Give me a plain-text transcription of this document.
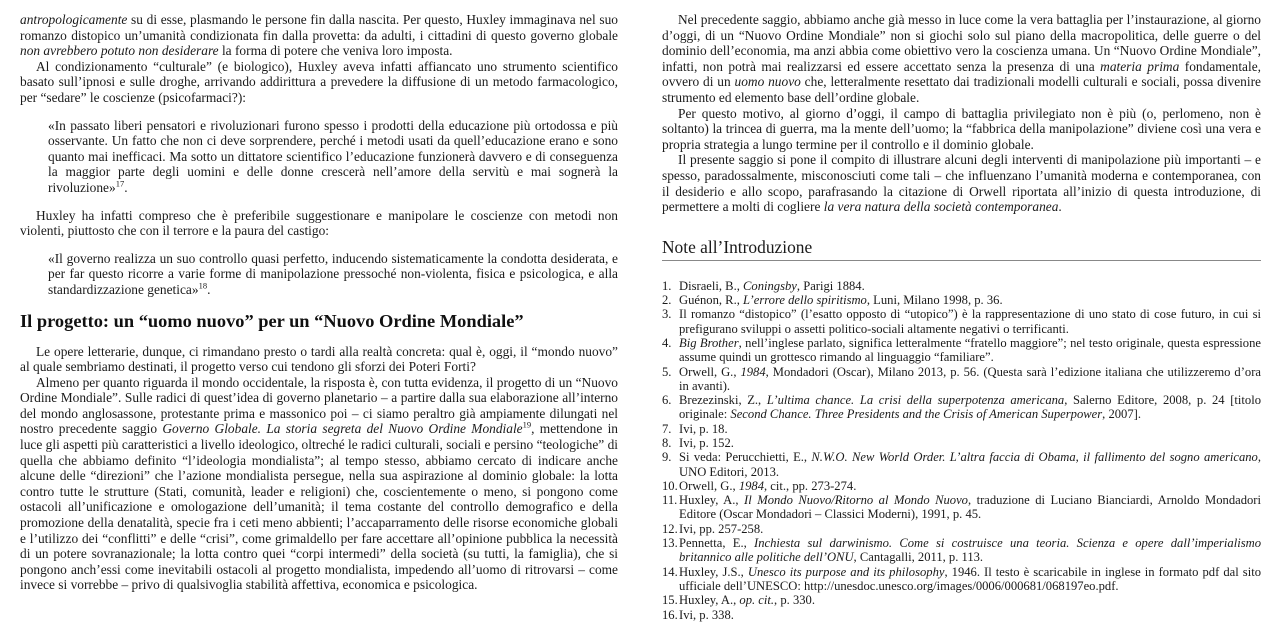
antropologicamente su di esse, plasmando le persone fin dalla nascita. Per questo, Huxley immaginava nel suo romanzo distopico un’umanità condizionata fin dalla provetta: da adulti, i cittadini di questo governo globale non avrebbero potuto non desiderare la forma di potere che veniva loro imposta.

Al condizionamento “culturale” (e biologico), Huxley aveva infatti affiancato uno strumento scientifico basato sull’ipnosi e sulle droghe, arrivando addirittura a prevedere la diffusione di un metodo farmacologico, per “sedare” le coscienze (psicofarmaci?):

«In passato liberi pensatori e rivoluzionari furono spesso i prodotti della educazione più ortodossa e più osservante. Un fatto che non ci deve sorprendere, perché i metodi usati da quell’educazione erano e sono quanto mai inefficaci. Ma sotto un dittatore scientifico l’educazione funzionerà davvero e di conseguenza la maggior parte degli uomini e delle donne crescerà nell’amore della servitù e mai sognerà la rivoluzione»$^{17}$.

Huxley ha infatti compreso che è preferibile suggestionare e manipolare le coscienze con metodi non violenti, piuttosto che con il terrore e la paura del castigo:

«Il governo realizza un suo controllo quasi perfetto, inducendo sistematicamente la condotta desiderata, e per far questo ricorre a varie forme di manipolazione pressoché non-violenta, fisica e psicologica, e alla standardizzazione genetica»$^{18}$.

Il progetto: un “uomo nuovo” per un “Nuovo Ordine Mondiale”

Le opere letterarie, dunque, ci rimandano presto o tardi alla realtà concreta: qual è, oggi, il “mondo nuovo” al quale sembriamo destinati, il progetto verso cui tendono gli sforzi dei Poteri Forti?

Almeno per quanto riguarda il mondo occidentale, la risposta è, con tutta evidenza, il progetto di un “Nuovo Ordine Mondiale”. Sulle radici di quest’idea di governo planetario – a partire dalla sua elaborazione all’interno del mondo anglosassone, protestante prima e massonico poi – ci siamo peraltro già ampiamente dilungati nel nostro precedente saggio Governo Globale. La storia segreta del Nuovo Ordine Mondiale$^{19}$, mettendone in luce gli aspetti più caratteristici a livello ideologico, oltreché le radici culturali, sociali e persino “teologiche” di quella che abbiamo definito “l’ideologia mondialista”; al tempo stesso, abbiamo cercato di indicare anche alcune delle “direzioni” che l’azione mondialista persegue, nella sua aspirazione al dominio globale: la lotta contro tutte le strutture (Stati, comunità, leader e religioni) che, coscientemente o meno, si pongono come ostacoli all’unificazione e omologazione dell’umanità; il tema costante del controllo demografico e della promozione della denatalità, specie fra i ceti meno abbienti; l’accaparramento delle risorse economiche globali e l’utilizzo dei “conflitti” e delle “crisi”, come grimaldello per fare accettare all’opinione pubblica la necessità di un potere sovranazionale; la lotta contro quei “corpi intermedi” della società (su tutti, la famiglia), che si pongono anch’essi come inevitabili ostacoli al progetto mondialista, impedendo all’uomo di ritrovarsi – come invece si vorrebbe – privo di qualsivoglia stabilità affettiva, economica e psicologica.

Nel precedente saggio, abbiamo anche già messo in luce come la vera battaglia per l’instaurazione, al giorno d’oggi, di un “Nuovo Ordine Mondiale” non si giochi solo sul piano della macropolitica, delle guerre o del dominio dell’economia, ma anzi abbia come obiettivo vero la coscienza umana. Un “Nuovo Ordine Mondiale”, infatti, non potrà mai realizzarsi ed essere accettato senza la presenza di una materia prima fondamentale, ovvero di un uomo nuovo che, letteralmente resettato dai tradizionali modelli culturali e sociali, possa divenire strumento ed elemento base dell’ordine globale.

Per questo motivo, al giorno d’oggi, il campo di battaglia privilegiato non è più (o, perlomeno, non è soltanto) la trincea di guerra, ma la mente dell’uomo; la “fabbrica della manipolazione” diviene così una vera e propria strategia a lungo termine per il controllo e il dominio globale.

Il presente saggio si pone il compito di illustrare alcuni degli interventi di manipolazione più importanti – e spesso, paradossalmente, misconosciuti come tali – che influenzano l’umanità moderna e contemporanea, con il desiderio e allo scopo, parafrasando la citazione di Orwell riportata all’inizio di questa introduzione, di permettere a molti di cogliere la vera natura della società contemporanea.

Note all’Introduzione
1. Disraeli, B., Coningsby, Parigi 1884.
2. Guénon, R., L’errore dello spiritismo, Luni, Milano 1998, p. 36.
3. Il romanzo “distopico” (l’esatto opposto di “utopico”) è la rappresentazione di uno stato di cose futuro, in cui si prefigurano sviluppi o assetti politico-sociali altamente negativi o terrificanti.
4. Big Brother, nell’inglese parlato, significa letteralmente “fratello maggiore”; nel testo originale, questa espressione assume quindi un grottesco rimando al linguaggio “familiare”.
5. Orwell, G., 1984, Mondadori (Oscar), Milano 2013, p. 56. (Questa sarà l’edizione italiana che utilizzeremo d’ora in avanti).
6. Brezezinski, Z., L’ultima chance. La crisi della superpotenza americana, Salerno Editore, 2008, p. 24 [titolo originale: Second Chance. Three Presidents and the Crisis of American Superpower, 2007].
7. Ivi, p. 18.
8. Ivi, p. 152.
9. Si veda: Perucchietti, E., N.W.O. New World Order. L’altra faccia di Obama, il fallimento del sogno americano, UNO Editori, 2013.
10. Orwell, G., 1984, cit., pp. 273-274.
11. Huxley, A., Il Mondo Nuovo/Ritorno al Mondo Nuovo, traduzione di Luciano Bianciardi, Arnoldo Mondadori Editore (Oscar Mondadori – Classici Moderni), 1991, p. 45.
12. Ivi, pp. 257-258.
13. Pennetta, E., Inchiesta sul darwinismo. Come si costruisce una teoria. Scienza e opere dall’imperialismo britannico alle politiche dell’ONU, Cantagalli, 2011, p. 113.
14. Huxley, J.S., Unesco its purpose and its philosophy, 1946. Il testo è scaricabile in inglese in formato pdf dal sito ufficiale dell’UNESCO: http://unesdoc.unesco.org/images/0006/000681/068197eo.pdf.
15. Huxley, A., op. cit., p. 330.
16. Ivi, p. 338.
